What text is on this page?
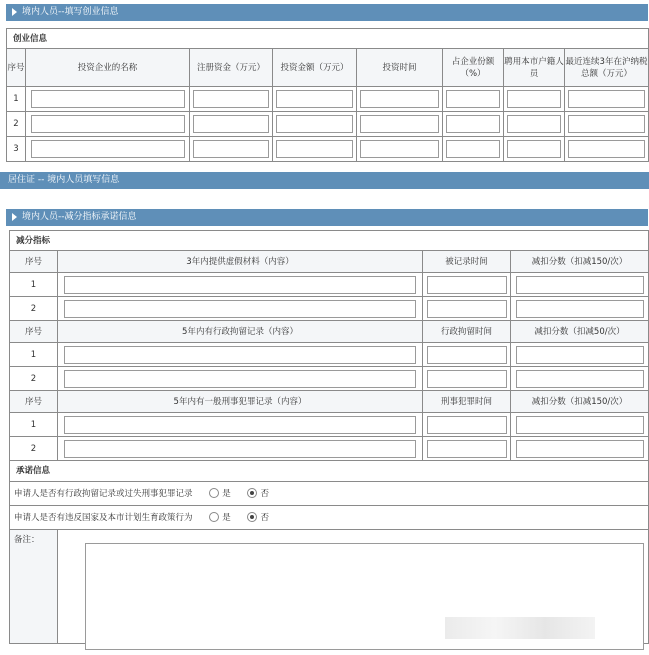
境内人员--填写创业信息
创业信息							
序号	投资企业的名称	注册资金（万元）	投资金额（万元）	投资时间	占企业份额（%）	聘用本市户籍人员	最近连续3年在沪纳税总额（万元）
1	

2	

3	

居住证 -- 境内人员填写信息
境内人员--减分指标承诺信息
减分指标			
序号	3年内提供虚假材料（内容）	被记录时间	减扣分数（扣减150/次）
1	

2	

序号	5年内有行政拘留记录（内容）	行政拘留时间	减扣分数（扣减50/次）
1	

2	

序号	5年内有一般刑事犯罪记录（内容）	刑事犯罪时间	减扣分数（扣减150/次）
1	

2	

承诺信息			
申请人是否有行政拘留记录或过失刑事犯罪记录 是 否			
申请人是否有违反国家及本市计划生育政策行为 是 否			
备注：			
